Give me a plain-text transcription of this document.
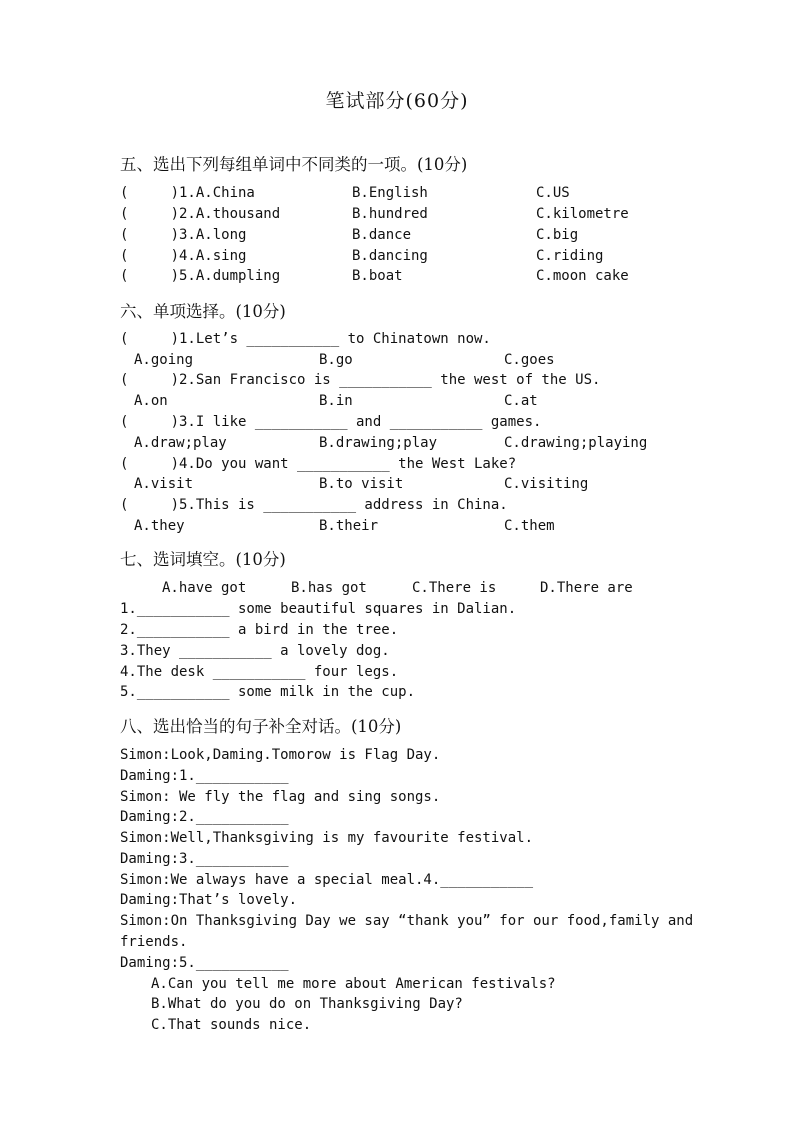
笔试部分(60分)
五、选出下列每组单词中不同类的一项。(10分)
(     )1.A.China	B.English	C.US
(     )2.A.thousand	B.hundred	C.kilometre
(     )3.A.long	B.dance	C.big
(     )4.A.sing	B.dancing	C.riding
(     )5.A.dumpling	B.boat	C.moon cake
六、单项选择。(10分)
(     )1.Let’s ___________ to Chinatown now.
A.going	B.go	C.goes
(     )2.San Francisco is ___________ the west of the US.
A.on	B.in	C.at
(     )3.I like ___________ and ___________ games.
A.draw;play	B.drawing;play	C.drawing;playing
(     )4.Do you want ___________ the West Lake?
A.visit	B.to visit	C.visiting
(     )5.This is ___________ address in China.
A.they	B.their	C.them
七、选词填空。(10分)
A.have got	B.has got	C.There is	D.There are
1.___________ some beautiful squares in Dalian.
2.___________ a bird in the tree.
3.They ___________ a lovely dog.
4.The desk ___________ four legs.
5.___________ some milk in the cup.
八、选出恰当的句子补全对话。(10分)
Simon:Look,Daming.Tomorow is Flag Day.
Daming:1.___________
Simon: We fly the flag and sing songs.
Daming:2.___________
Simon:Well,Thanksgiving is my favourite festival.
Daming:3.___________
Simon:We always have a special meal.4.___________
Daming:That’s lovely.
Simon:On Thanksgiving Day we say “thank you” for our food,family and
friends.
Daming:5.___________
A.Can you tell me more about American festivals?
B.What do you do on Thanksgiving Day?
C.That sounds nice.
